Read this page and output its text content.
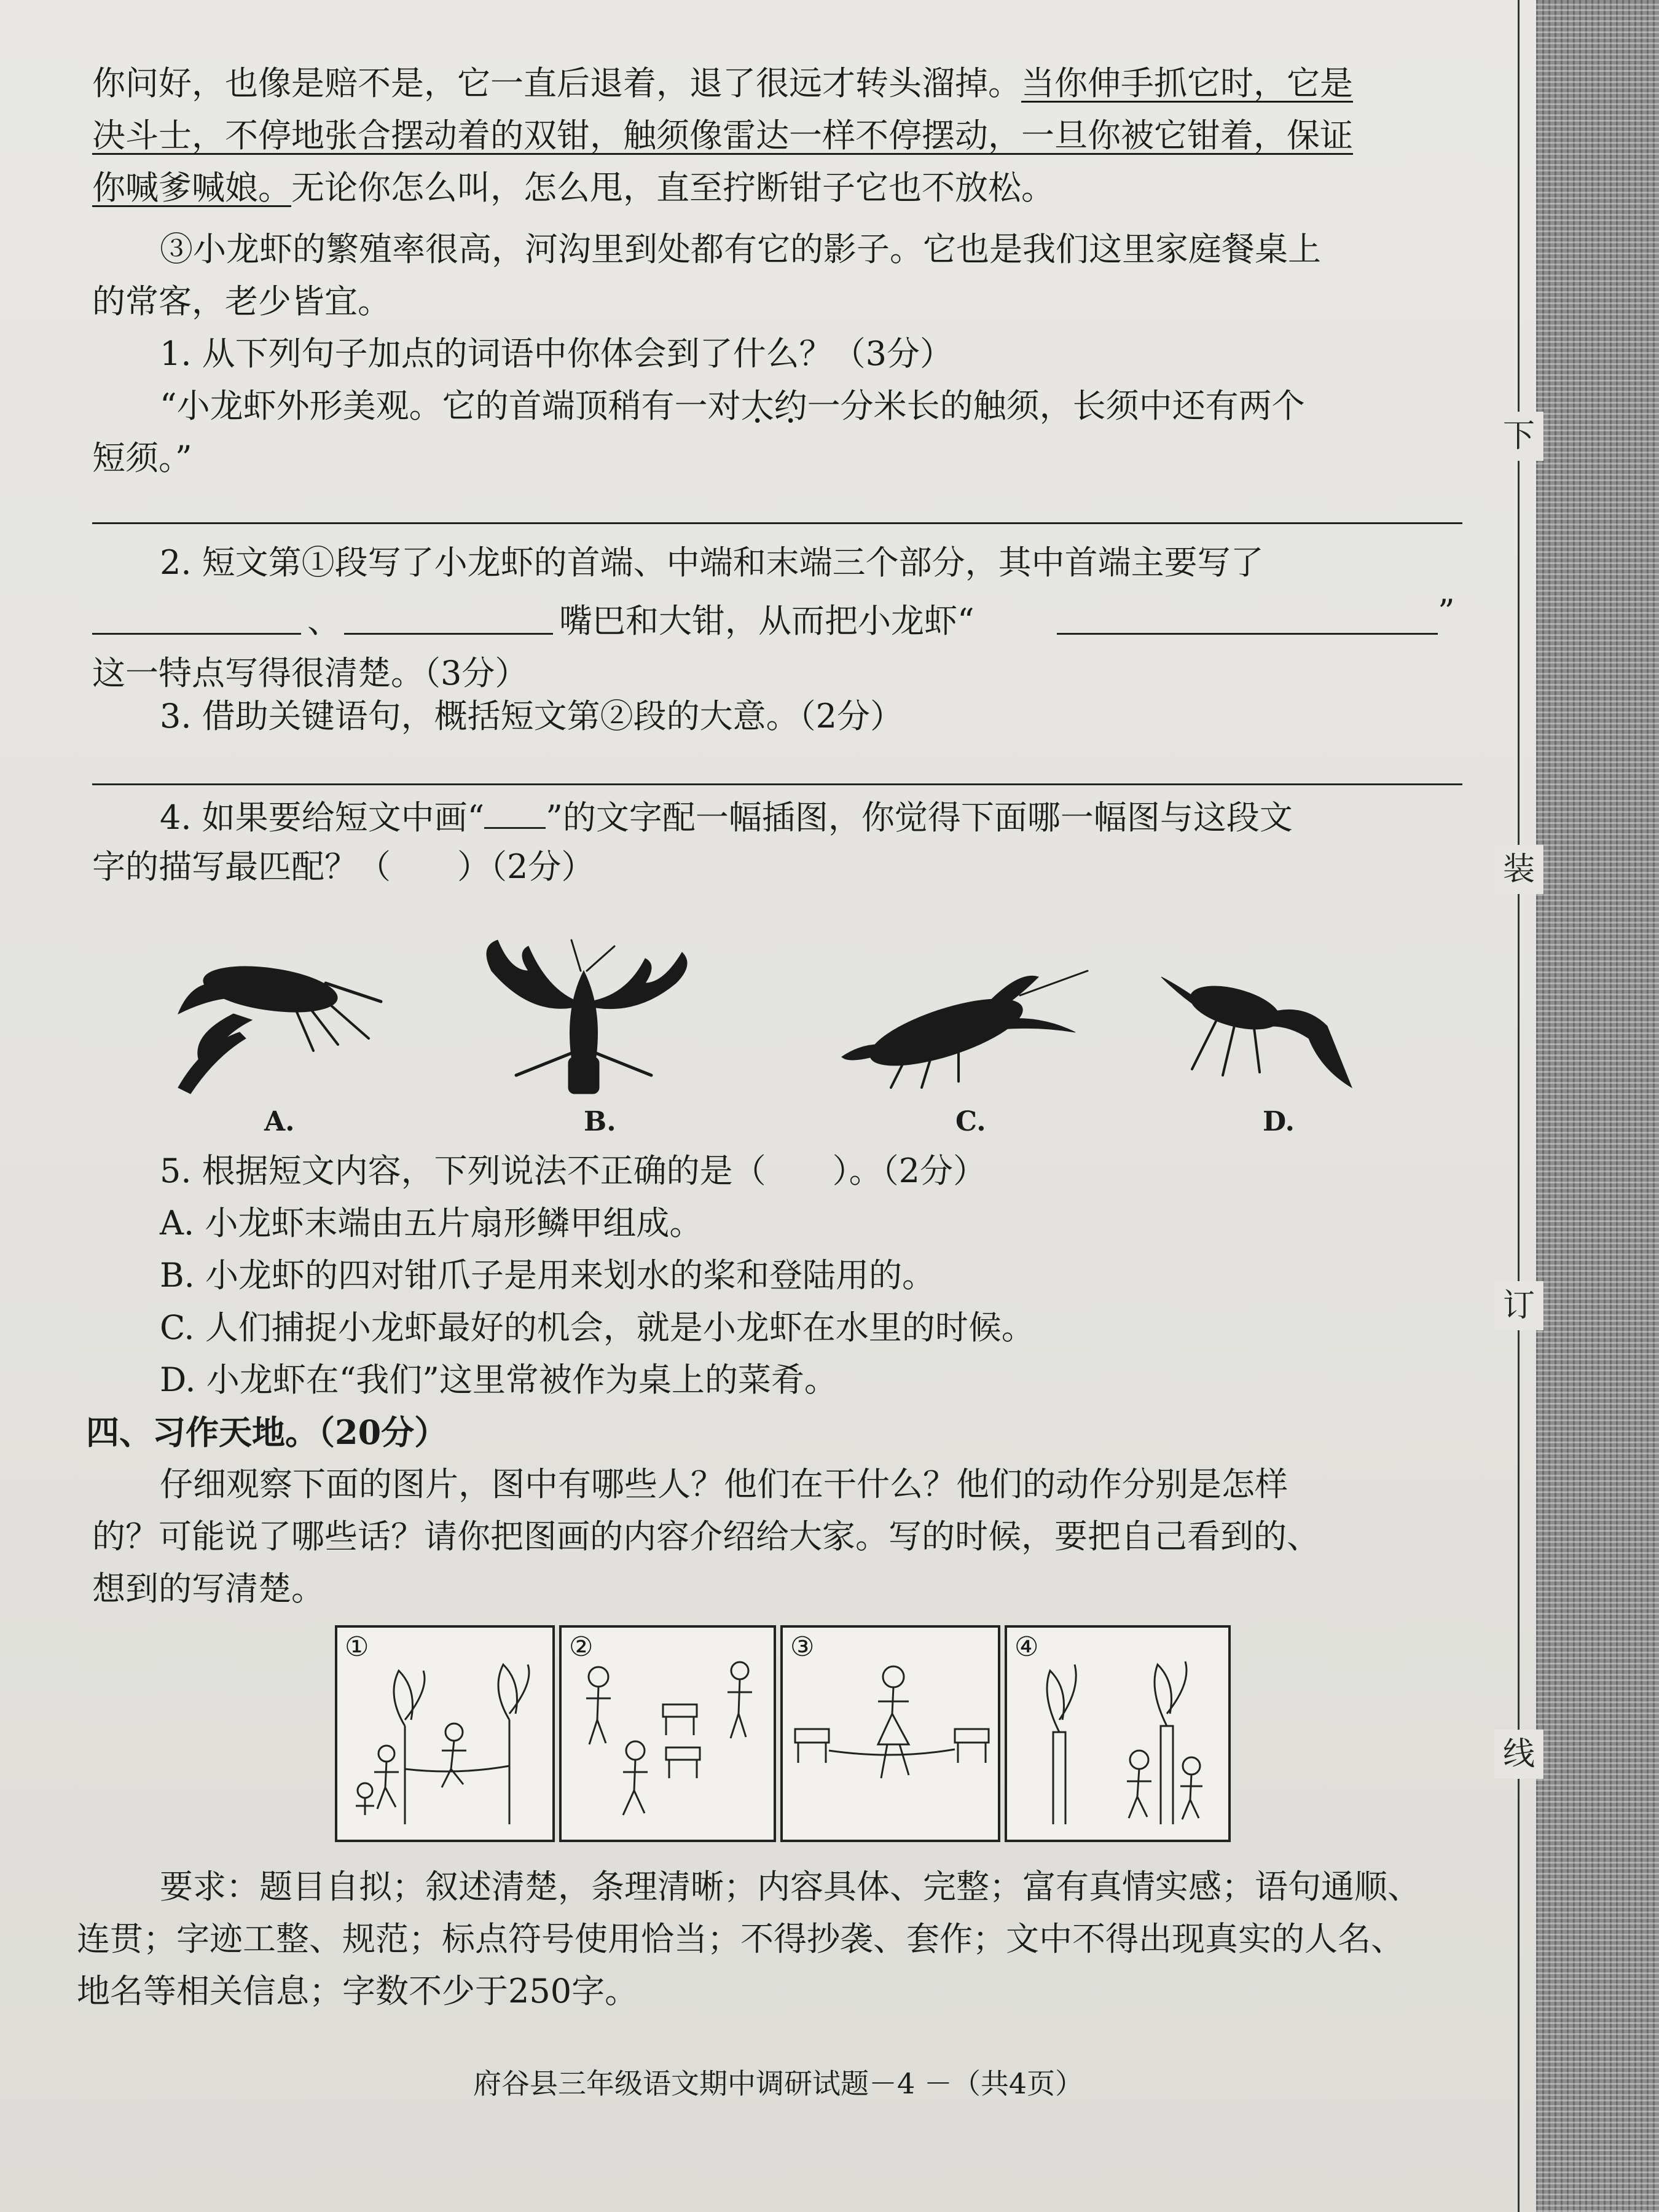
下
装
订
线
你问好，也像是赔不是，它一直后退着，退了很远才转头溜掉。当你伸手抓它时，它是
决斗士，不停地张合摆动着的双钳，触须像雷达一样不停摆动，一旦你被它钳着，保证
你喊爹喊娘。无论你怎么叫，怎么甩，直至拧断钳子它也不放松。
③小龙虾的繁殖率很高，河沟里到处都有它的影子。它也是我们这里家庭餐桌上
的常客，老少皆宜。
1. 从下列句子加点的词语中你体会到了什么？（3分）
“小龙虾外形美观。它的首端顶稍有一对大约一分米长的触须，长须中还有两个
短须。”
2. 短文第①段写了小龙虾的首端、中端和末端三个部分，其中首端主要写了
、	嘴巴和大钳，从而把小龙虾“	”
这一特点写得很清楚。（3分）
3. 借助关键语句，概括短文第②段的大意。（2分）
4. 如果要给短文中画“ ”的文字配一幅插图，你觉得下面哪一幅图与这段文
字的描写最匹配？（　　）（2分）
A.	B.	C.	D.
5. 根据短文内容，下列说法不正确的是（　　）。（2分）
A. 小龙虾末端由五片扇形鳞甲组成。
B. 小龙虾的四对钳爪子是用来划水的桨和登陆用的。
C. 人们捕捉小龙虾最好的机会，就是小龙虾在水里的时候。
D. 小龙虾在“我们”这里常被作为桌上的菜肴。
四、习作天地。（20分）
仔细观察下面的图片，图中有哪些人？他们在干什么？他们的动作分别是怎样
的？可能说了哪些话？请你把图画的内容介绍给大家。写的时候，要把自己看到的、
想到的写清楚。
①	②	③	④
要求：题目自拟；叙述清楚，条理清晰；内容具体、完整；富有真情实感；语句通顺、
连贯；字迹工整、规范；标点符号使用恰当；不得抄袭、套作；文中不得出现真实的人名、
地名等相关信息；字数不少于250字。
府谷县三年级语文期中调研试题－4 －（共4页）
